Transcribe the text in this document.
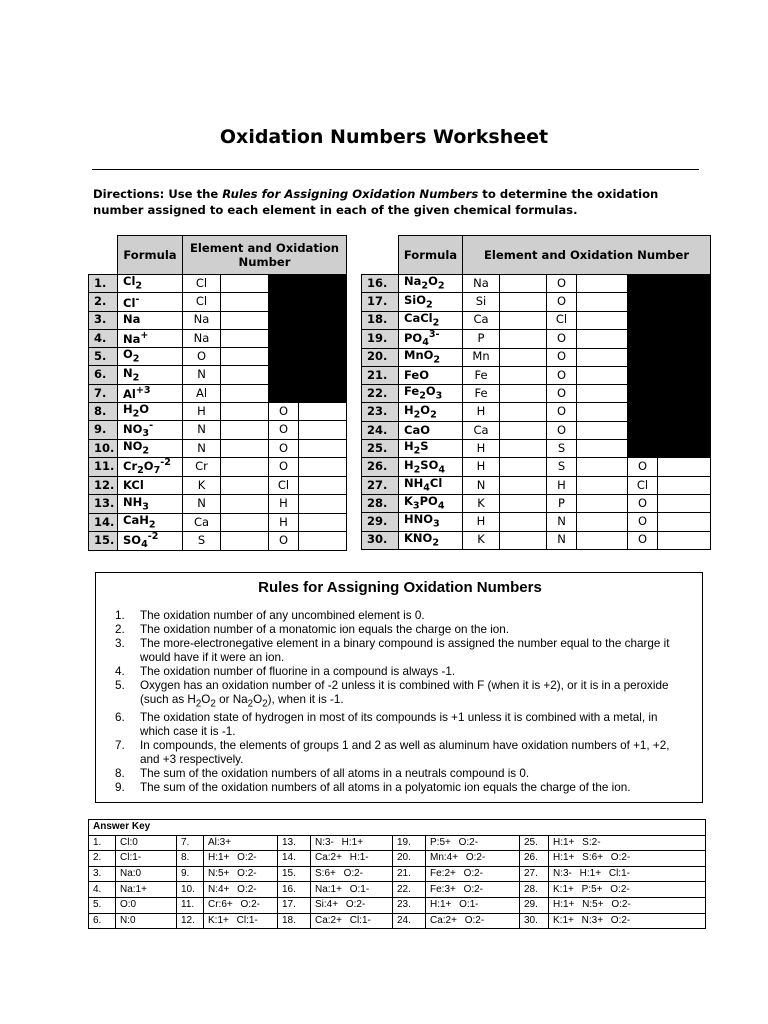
Oxidation Numbers Worksheet
Directions: Use the Rules for Assigning Oxidation Numbers to determine the oxidation number assigned to each element in each of the given chemical formulas.
	Formula	Element and Oxidation Number			
1.	$Cl_2$	Cl			
2.	Cl-	Cl			
3.	Na	Na			
4.	Na+	Na			
5.	$O_2$	O			
6.	$N_2$	N			
7.	$Al^{+3}$	Al			
8.	$H_2O$	H		O	
9.	$NO_3^-$	N		O	
10.	$NO_2$	N		O	
11.	$Cr_2O_7^{-2}$	Cr		O	
12.	KCl	K		Cl	
13.	$NH_3$	N		H	
14.	CaH$_2$	Ca		H	
15.	$SO_4^{-2}$	S		O	
	Formula	Element and Oxidation Number					
16.	$Na_2O_2$	Na		O			
17.	SiO$_2$	Si		O			
18.	CaCl$_2$	Ca		Cl			
19.	$PO_4^{3-}$	P		O			
20.	MnO$_2$	Mn		O			
21.	FeO	Fe		O			
22.	$Fe_2O_3$	Fe		O			
23.	$H_2O_2$	H		O			
24.	CaO	Ca		O			
25.	$H_2S$	H		S			
26.	$H_2SO_4$	H		S		O	
27.	$NH_4Cl$	N		H		Cl	
28.	$K_3PO_4$	K		P		O	
29.	$HNO_3$	H		N		O	
30.	$KNO_2$	K		N		O	
Rules for Assigning Oxidation Numbers
1. The oxidation number of any uncombined element is 0.
2. The oxidation number of a monatomic ion equals the charge on the ion.
3. The more-electronegative element in a binary compound is assigned the number equal to the charge it would have if it were an ion.
4. The oxidation number of fluorine in a compound is always -1.
5. Oxygen has an oxidation number of -2 unless it is combined with F (when it is +2), or it is in a peroxide (such as $H_2O_2$ or $Na_2O_2$), when it is -1.
6. The oxidation state of hydrogen in most of its compounds is +1 unless it is combined with a metal, in which case it is -1.
7. In compounds, the elements of groups 1 and 2 as well as aluminum have oxidation numbers of +1, +2, and +3 respectively.
8. The sum of the oxidation numbers of all atoms in a neutrals compound is 0.
9. The sum of the oxidation numbers of all atoms in a polyatomic ion equals the charge of the ion.
Answer Key									
1.	Cl:0	7.	Al:3+	13.	N:3- H:1+	19.	P:5+ O:2-	25.	H:1+ S:2-
2.	Cl:1-	8.	H:1+ O:2-	14.	Ca:2+ H:1-	20.	Mn:4+ O:2-	26.	H:1+ S:6+ O:2-
3.	Na:0	9.	N:5+ O:2-	15.	S:6+ O:2-	21.	Fe:2+ O:2-	27.	N:3- H:1+ Cl:1-
4.	Na:1+	10.	N:4+ O:2-	16.	Na:1+ O:1-	22.	Fe:3+ O:2-	28.	K:1+ P:5+ O:2-
5.	O:0	11.	Cr:6+ O:2-	17.	Si:4+ O:2-	23.	H:1+ O:1-	29.	H:1+ N:5+ O:2-
6.	N:0	12.	K:1+ Cl:1-	18.	Ca:2+ Cl:1-	24.	Ca:2+ O:2-	30.	K:1+ N:3+ O:2-
